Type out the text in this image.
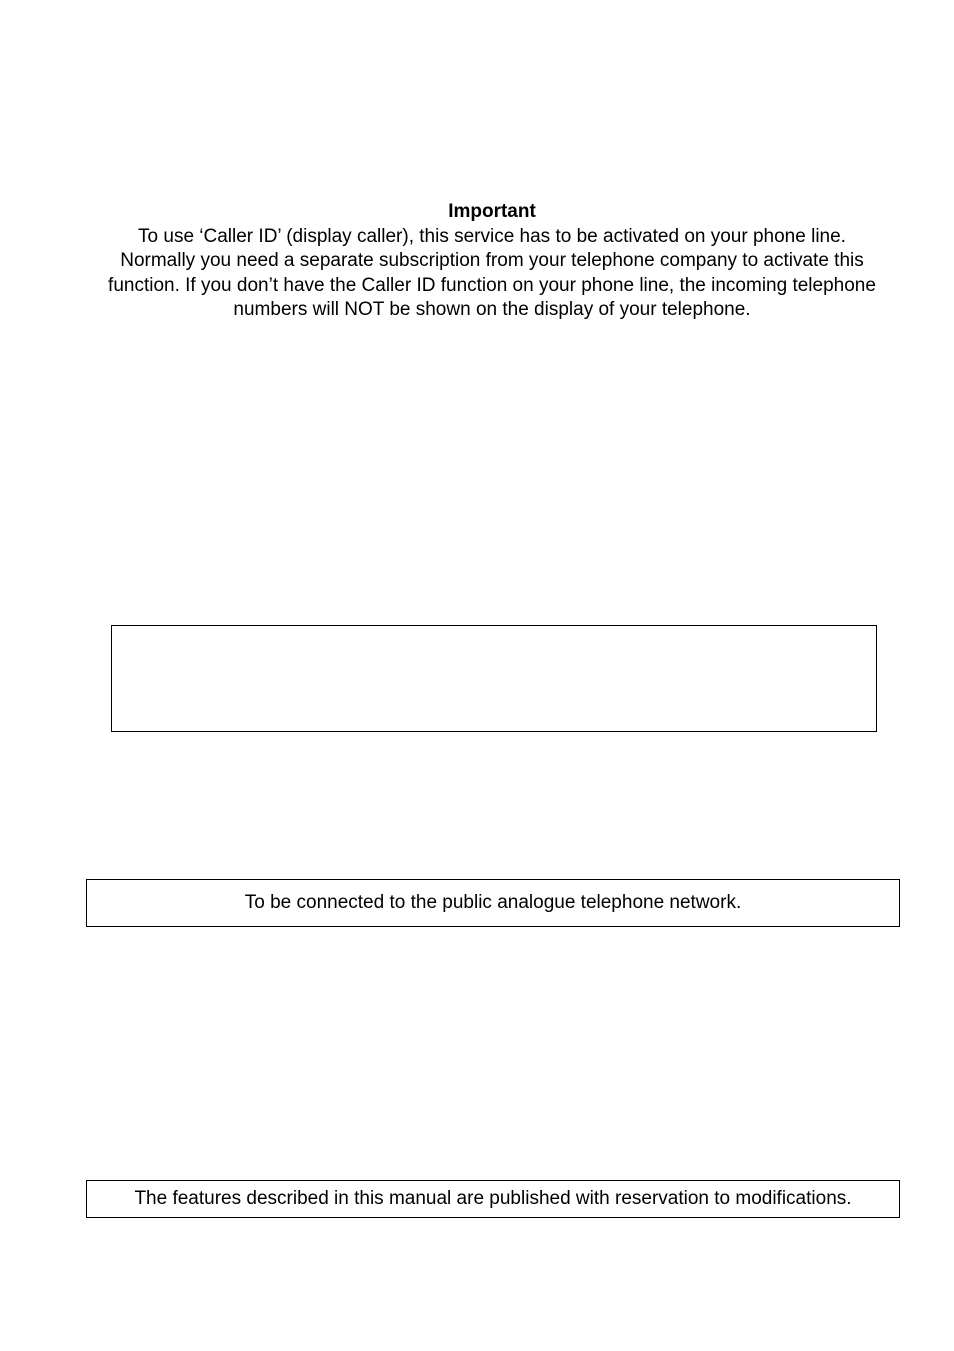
Important
To use ‘Caller ID’ (display caller), this service has to be activated on your phone line.
Normally you need a separate subscription from your telephone company to activate this
function. If you don’t have the Caller ID function on your phone line, the incoming telephone
numbers will NOT be shown on the display of your telephone.
To be connected to the public analogue telephone network.
The features described in this manual are published with reservation to modifications.
